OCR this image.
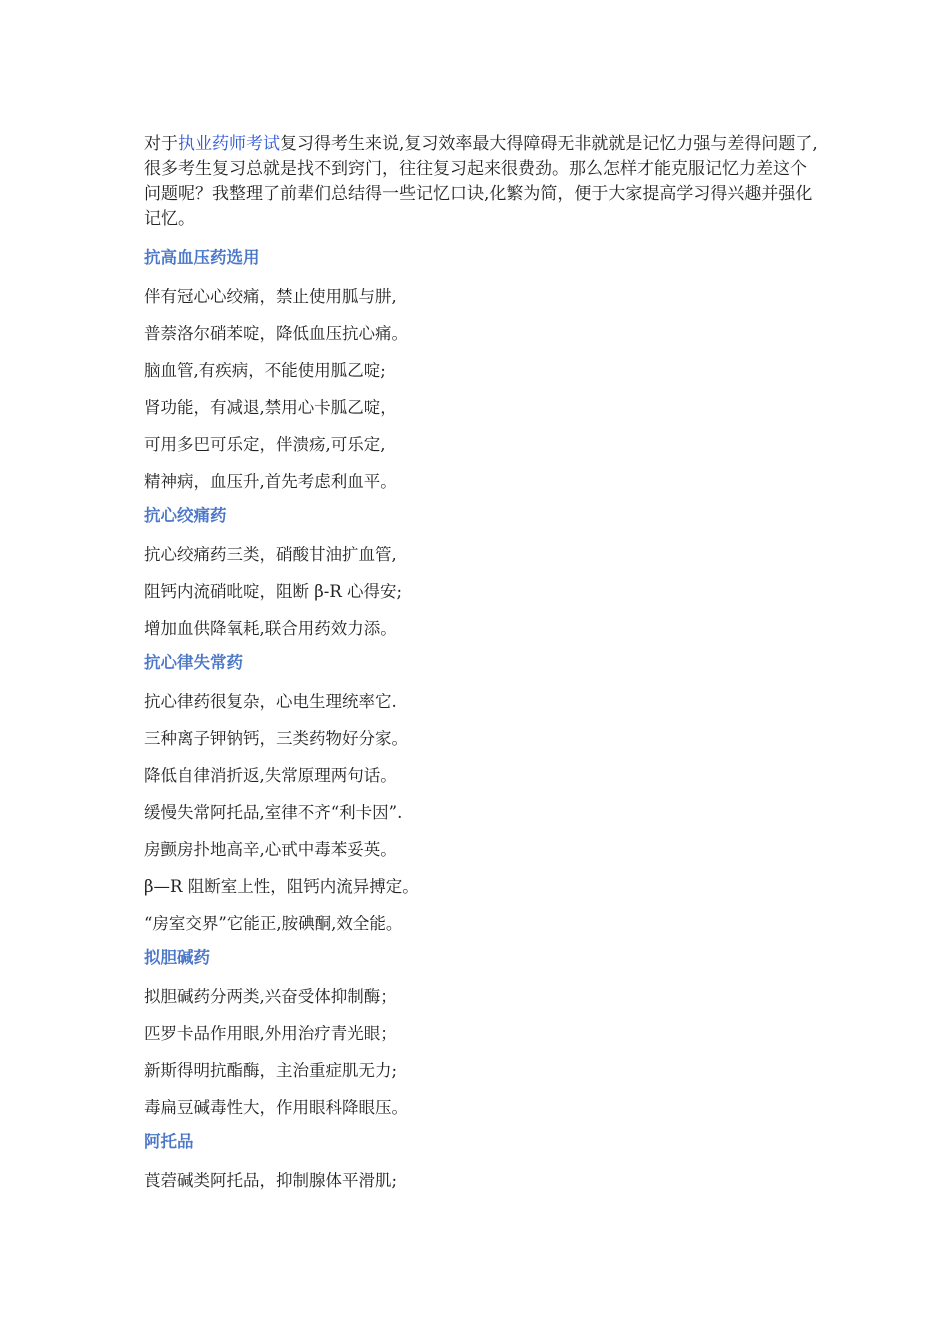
对于执业药师考试复习得考生来说,复习效率最大得障碍无非就就是记忆力强与差得问题了,很多考生复习总就是找不到窍门，往往复习起来很费劲。那么怎样才能克服记忆力差这个问题呢？我整理了前辈们总结得一些记忆口诀,化繁为简，便于大家提高学习得兴趣并强化记忆。

抗高血压药选用
伴有冠心心绞痛，禁止使用胍与肼,
普萘洛尔硝苯啶，降低血压抗心痛。
脑血管,有疾病，不能使用胍乙啶;
肾功能，有减退,禁用心卡胍乙啶，
可用多巴可乐定，伴溃疡,可乐定,
精神病，血压升,首先考虑利血平。
抗心绞痛药
抗心绞痛药三类，硝酸甘油扩血管,
阻钙内流硝吡啶，阻断 β-R 心得安;
增加血供降氧耗,联合用药效力添。
抗心律失常药
抗心律药很复杂，心电生理统率它.
三种离子钾钠钙，三类药物好分家。
降低自律消折返,失常原理两句话。
缓慢失常阿托品,室律不齐“利卡因”.
房颤房扑地高辛,心甙中毒苯妥英。
β—R 阻断室上性，阻钙内流异搏定。
“房室交界”它能正,胺碘酮,效全能。
拟胆碱药
拟胆碱药分两类,兴奋受体抑制酶；
匹罗卡品作用眼,外用治疗青光眼；
新斯得明抗酯酶，主治重症肌无力;
毒扁豆碱毒性大，作用眼科降眼压。
阿托品
莨菪碱类阿托品，抑制腺体平滑肌;
